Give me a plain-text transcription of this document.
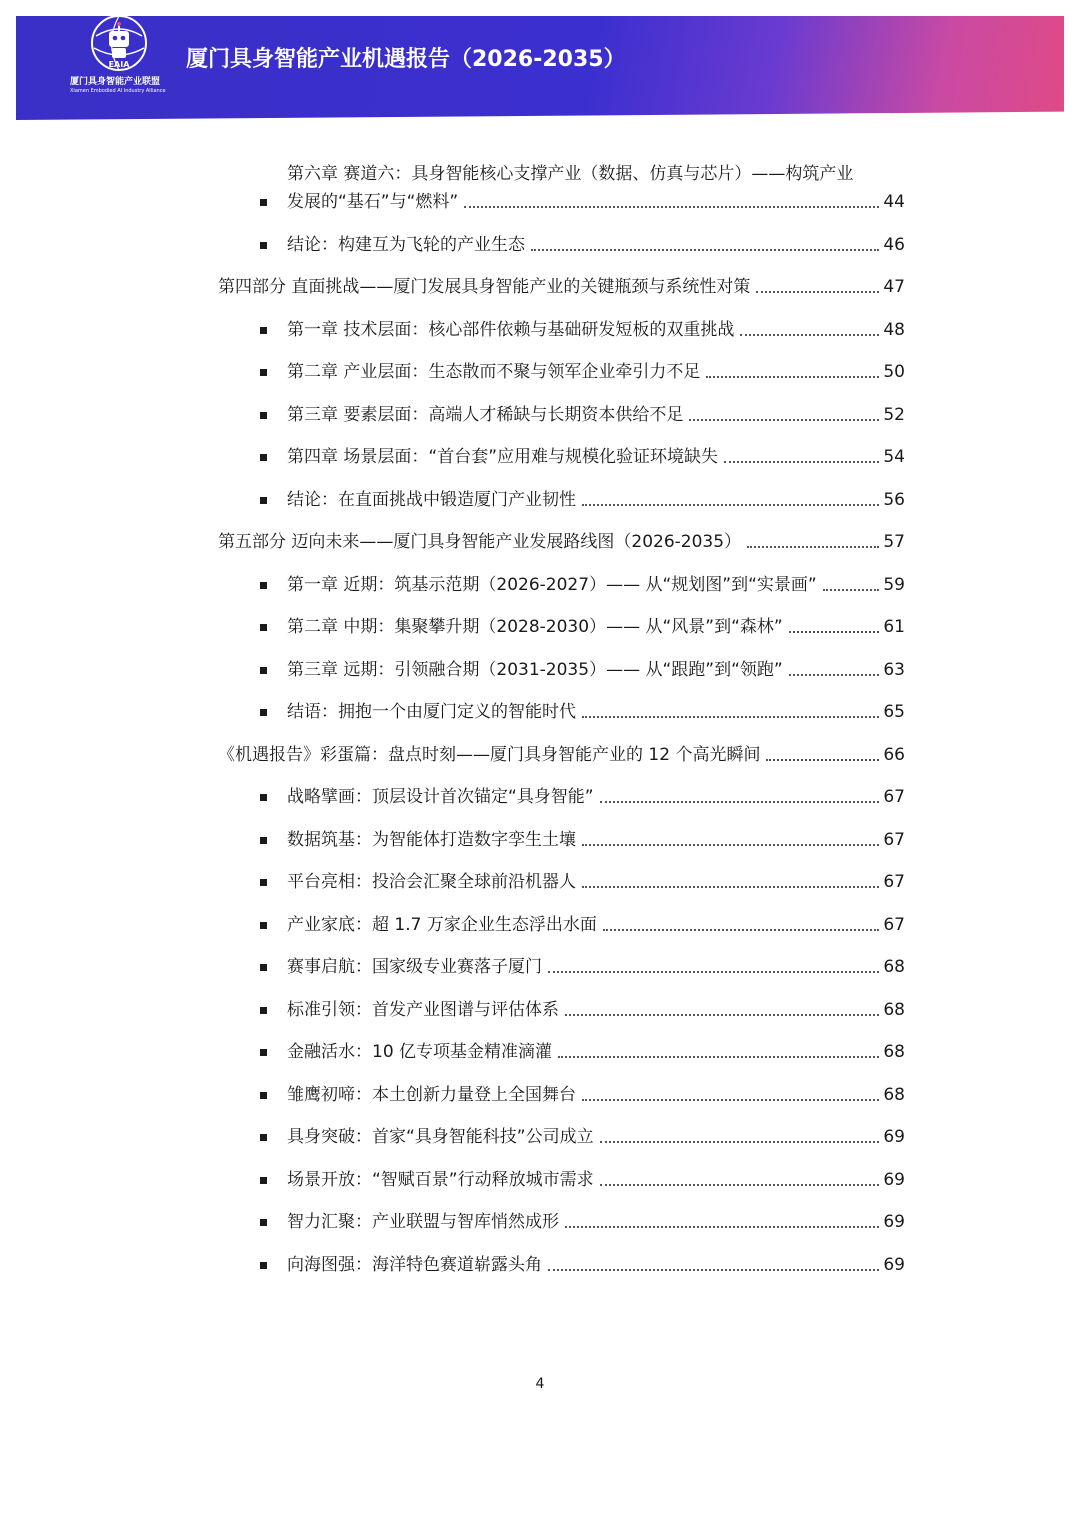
EAIA
厦门具身智能产业联盟
Xiamen Embodied AI Industry Alliance
厦门具身智能产业机遇报告（2026-2035）
第六章 赛道六：具身智能核心支撑产业（数据、仿真与芯片）——构筑产业
发展的“基石”与“燃料”	44
结论：构建互为飞轮的产业生态	46
第四部分 直面挑战——厦门发展具身智能产业的关键瓶颈与系统性对策	47
第一章 技术层面：核心部件依赖与基础研发短板的双重挑战	48
第二章 产业层面：生态散而不聚与领军企业牵引力不足	50
第三章 要素层面：高端人才稀缺与长期资本供给不足	52
第四章 场景层面：“首台套”应用难与规模化验证环境缺失	54
结论：在直面挑战中锻造厦门产业韧性	56
第五部分 迈向未来——厦门具身智能产业发展路线图（2026-2035）	57
第一章 近期：筑基示范期（2026-2027）—— 从“规划图”到“实景画”	59
第二章 中期：集聚攀升期（2028-2030）—— 从“风景”到“森林”	61
第三章 远期：引领融合期（2031-2035）—— 从“跟跑”到“领跑”	63
结语：拥抱一个由厦门定义的智能时代	65
《机遇报告》彩蛋篇：盘点时刻——厦门具身智能产业的 12 个高光瞬间	66
战略擘画：顶层设计首次锚定“具身智能”	67
数据筑基：为智能体打造数字孪生土壤	67
平台亮相：投洽会汇聚全球前沿机器人	67
产业家底：超 1.7 万家企业生态浮出水面	67
赛事启航：国家级专业赛落子厦门	68
标准引领：首发产业图谱与评估体系	68
金融活水：10 亿专项基金精准滴灌	68
雏鹰初啼：本土创新力量登上全国舞台	68
具身突破：首家“具身智能科技”公司成立	69
场景开放：“智赋百景”行动释放城市需求	69
智力汇聚：产业联盟与智库悄然成形	69
向海图强：海洋特色赛道崭露头角	69
4
